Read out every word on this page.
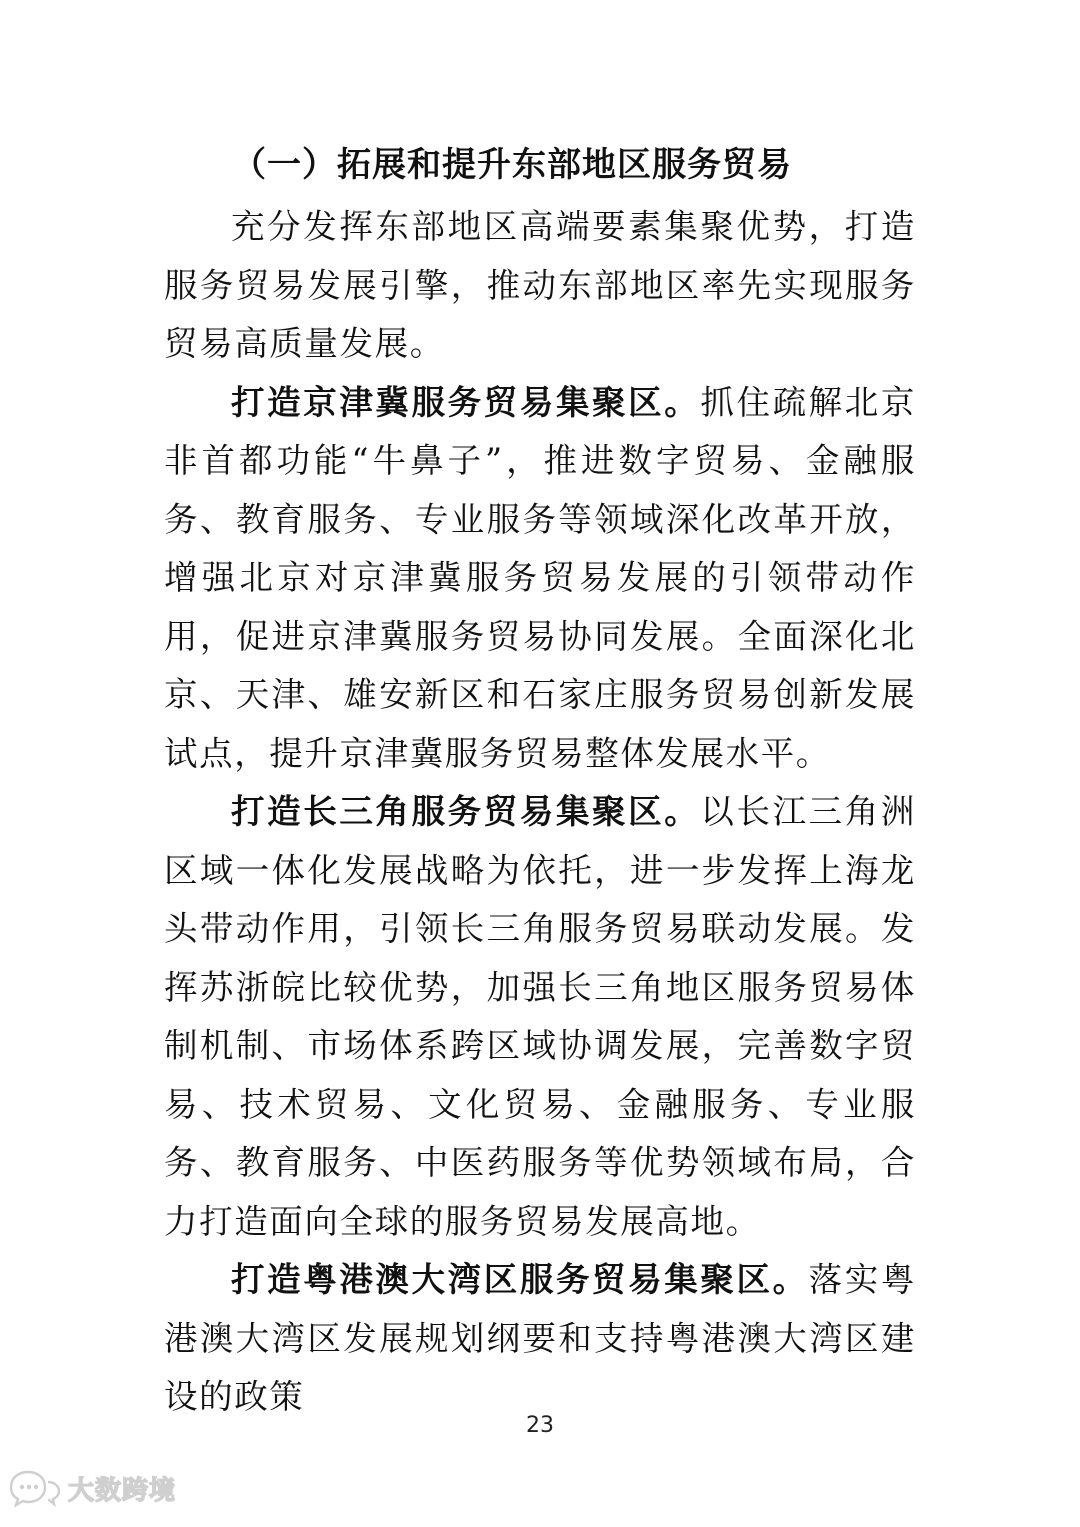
（一）拓展和提升东部地区服务贸易

充分发挥东部地区高端要素集聚优势，打造服务贸易发展引擎，推动东部地区率先实现服务贸易高质量发展。

打造京津冀服务贸易集聚区。抓住疏解北京非首都功能“牛鼻子”，推进数字贸易、金融服务、教育服务、专业服务等领域深化改革开放，增强北京对京津冀服务贸易发展的引领带动作用，促进京津冀服务贸易协同发展。全面深化北京、天津、雄安新区和石家庄服务贸易创新发展试点，提升京津冀服务贸易整体发展水平。

打造长三角服务贸易集聚区。以长江三角洲区域一体化发展战略为依托，进一步发挥上海龙头带动作用，引领长三角服务贸易联动发展。发挥苏浙皖比较优势，加强长三角地区服务贸易体制机制、市场体系跨区域协调发展，完善数字贸易、技术贸易、文化贸易、金融服务、专业服务、教育服务、中医药服务等优势领域布局，合力打造面向全球的服务贸易发展高地。

打造粤港澳大湾区服务贸易集聚区。落实粤港澳大湾区发展规划纲要和支持粤港澳大湾区建设的政策

23
大数跨境
